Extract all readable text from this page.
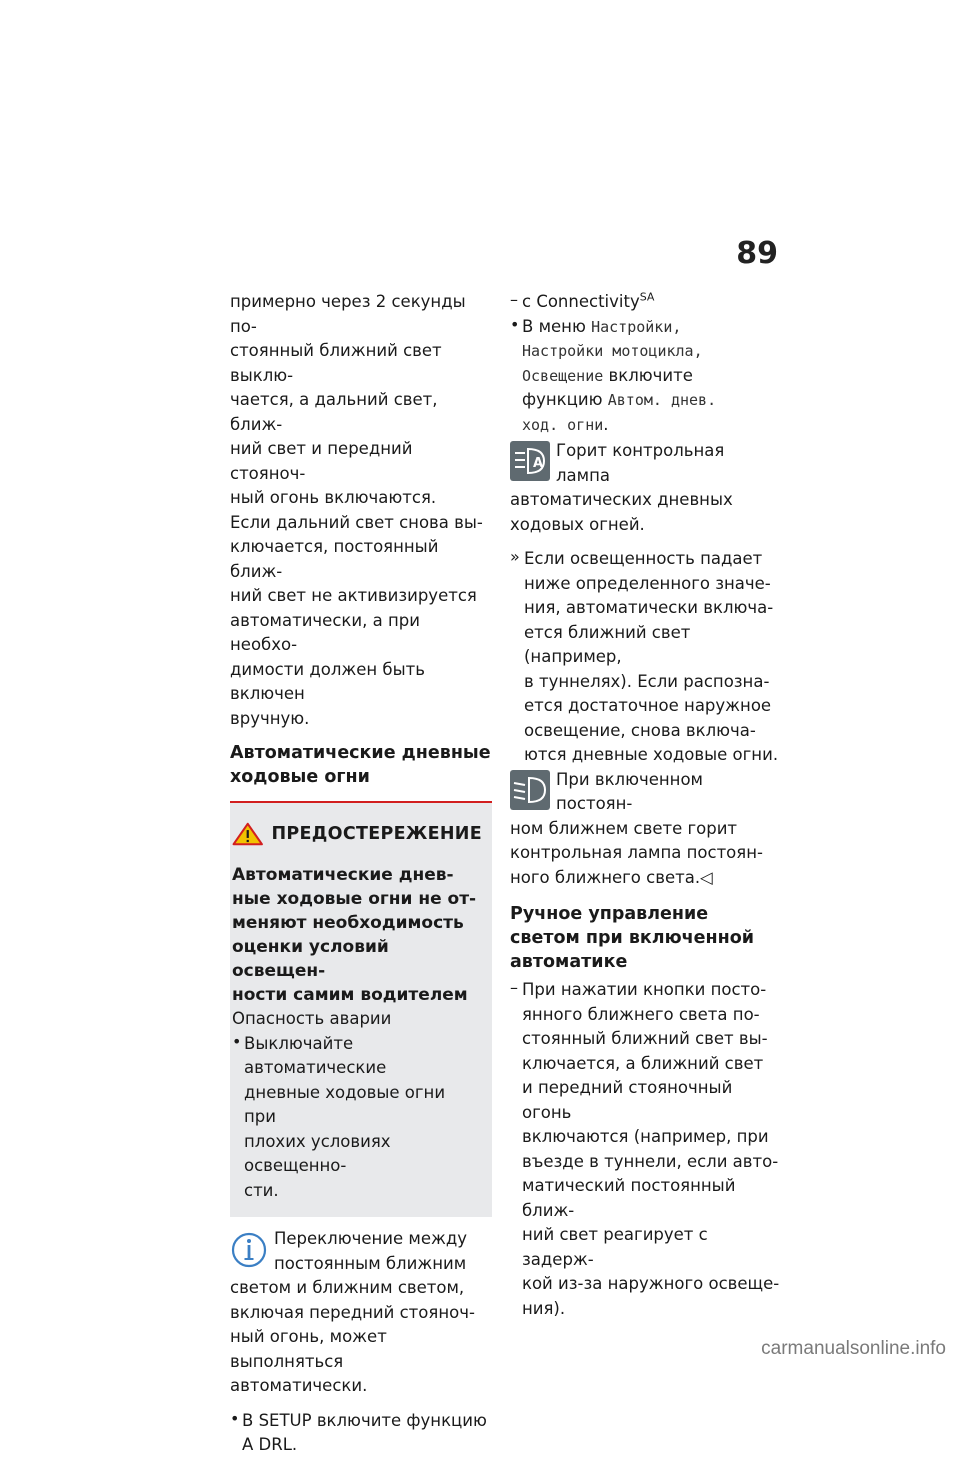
89

примерно через 2 секунды по-
стоянный ближний свет выклю-
чается, а дальний свет, ближ-
ний свет и передний стояноч-
ный огонь включаются.

Если дальний свет снова вы-
ключается, постоянный ближ-
ний свет не активизируется
автоматически, а при необхо-
димости должен быть включен
вручную.

Автоматические дневные
ходовые огни
ПРЕДОСТЕРЕЖЕНИЕ
Автоматические днев-
ные ходовые огни не от-
меняют необходимость
оценки условий освещен-
ности самим водителем

Опасность аварии

• Выключайте автоматические
дневные ходовые огни при
плохих условиях освещенно-
сти.

Переключение между
постоянным ближним
светом и ближним светом,
включая передний стояноч-
ный огонь, может выполняться
автоматически.

• В SETUP включите функцию
A DRL.

– с Connectivity$^{SA}$

• В меню Настройки,
Настройки мотоцикла,
Освещение включите
функцию Автом. днев.
ход. огни.

A

Горит контрольная лампа
автоматических дневных
ходовых огней.

» Если освещенность падает
ниже определенного значе-
ния, автоматически включа-
ется ближний свет (например,
в туннелях). Если распозна-
ется достаточное наружное
освещение, снова включа-
ются дневные ходовые огни.

При включенном постоян-
ном ближнем свете горит
контрольная лампа постоян-
ного ближнего света.◁

Ручное управление
светом при включенной
автоматике
– При нажатии кнопки посто-
янного ближнего света по-
стоянный ближний свет вы-
ключается, а ближний свет
и передний стояночный огонь
включаются (например, при
въезде в туннели, если авто-
матический постоянный ближ-
ний свет реагирует с задерж-
кой из-за наружного освеще-
ния).

carmanualsonline.info
